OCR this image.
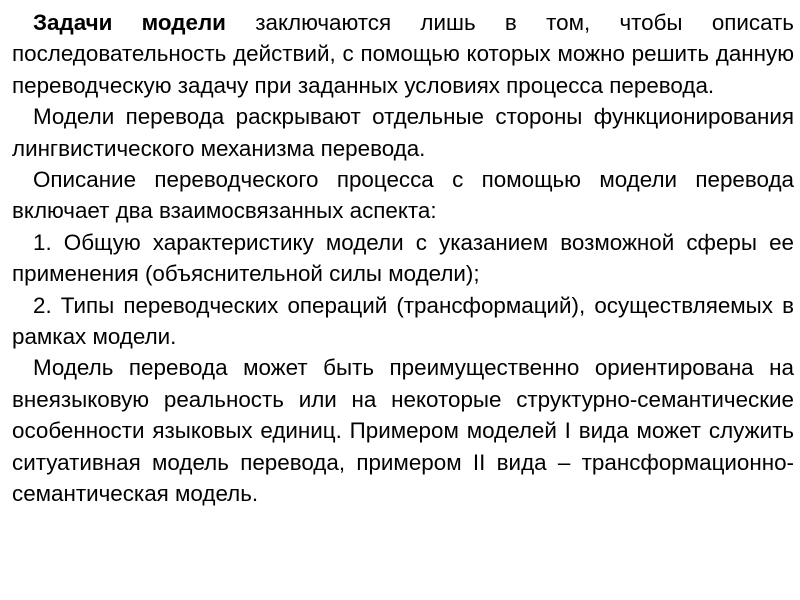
Задачи модели заключаются лишь в том, чтобы описать последовательность действий, с помощью которых можно решить данную переводческую задачу при заданных условиях процесса перевода.

Модели перевода раскрывают отдельные стороны функционирования лингвистического механизма перевода.

Описание переводческого процесса с помощью модели перевода включает два взаимосвязанных аспекта:

1. Общую характеристику модели с указанием возможной сферы ее применения (объяснительной силы модели);

2. Типы переводческих операций (трансформаций), осуществляемых в рамках модели.

Модель перевода может быть преимущественно ориентирована на внеязыковую реальность или на некоторые структурно-семантические особенности языковых единиц. Примером моделей I вида может служить ситуативная модель перевода, примером II вида – трансформационно-семантическая модель.
